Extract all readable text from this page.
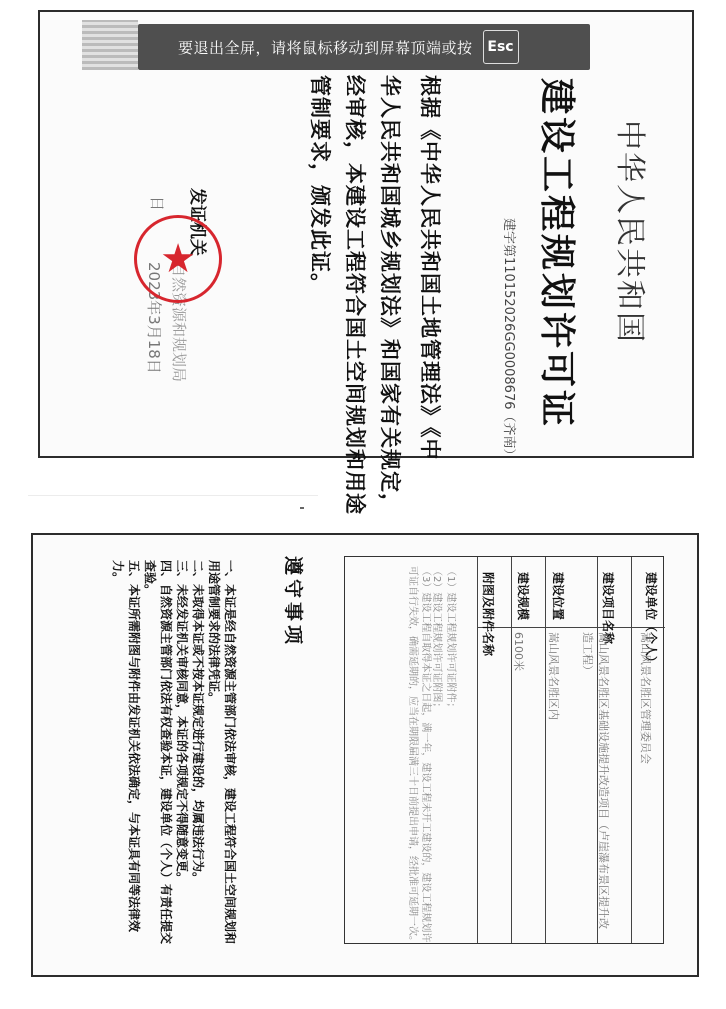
中华人民共和国
建设工程规划许可证
建字第110152026GG0008676（齐南）
根据《中华人民共和国土地管理法》《中
华人民共和国城乡规划法》和国家有关规定，
经审核，本建设工程符合国土空间规划和用途
管制要求，颁发此证。
发证机关
自然资源和规划局
日
2023年3月18日
★
要退出全屏，请将鼠标移动到屏幕顶端或按	Esc
建设单位（个人）
建设项目名称
建设位置
建设规模
附图及附件名称
嵩山风景名胜区管理委员会
嵩山风景名胜区基础设施提升改造项目（卢崖瀑布景区提升改造工程）
嵩山风景名胜区内
6100米
（1）建设工程规划许可证附件；
（2）建设工程规划许可证附图；
（3）建设工程自取得本证之日起，满一年，建设工程未开工建设的，建设工程规划许可证自行失效，确需延期的，应当在期限届满三十日前提出申请，经批准可延期一次。
遵守事项
一、本证是经自然资源主管部门依法审核，建设工程符合国土空间规划和用途管制要求的法律凭证。
二、未取得本证或不按本证规定进行建设的，均属违法行为。
三、未经发证机关审核同意，本证的各项规定不得随意变更。
四、自然资源主管部门依法有权查验本证，建设单位（个人）有责任提交查验。
五、本证所需附图与附件由发证机关依法确定，与本证具有同等法律效力。
